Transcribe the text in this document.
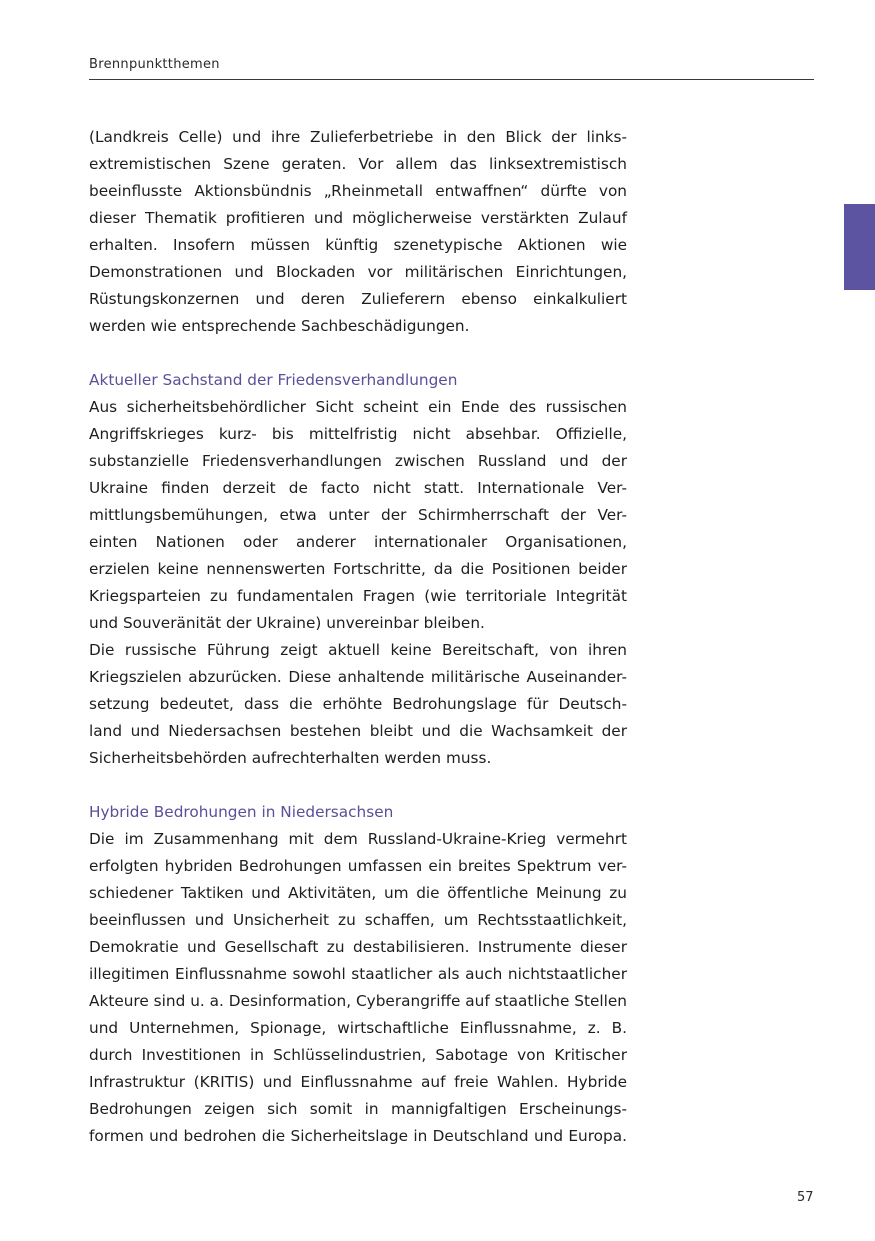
Brennpunktthemen
(Landkreis Celle) und ihre Zulieferbetriebe in den Blick der links-
extremistischen Szene geraten. Vor allem das linksextremistisch
beeinflusste Aktionsbündnis „Rheinmetall entwaffnen“ dürfte von
dieser Thematik profitieren und möglicherweise verstärkten Zulauf
erhalten. Insofern müssen künftig szenetypische Aktionen wie
Demonstrationen und Blockaden vor militärischen Einrichtungen,
Rüstungskonzernen und deren Zulieferern ebenso einkalkuliert
werden wie entsprechende Sachbeschädigungen.
Aktueller Sachstand der Friedensverhandlungen
Aus sicherheitsbehördlicher Sicht scheint ein Ende des russischen
Angriffskrieges kurz- bis mittelfristig nicht absehbar. Offizielle,
substanzielle Friedensverhandlungen zwischen Russland und der
Ukraine finden derzeit de facto nicht statt. Internationale Ver-
mittlungsbemühungen, etwa unter der Schirmherrschaft der Ver-
einten Nationen oder anderer internationaler Organisationen,
erzielen keine nennenswerten Fortschritte, da die Positionen beider
Kriegsparteien zu fundamentalen Fragen (wie territoriale Integrität
und Souveränität der Ukraine) unvereinbar bleiben.
Die russische Führung zeigt aktuell keine Bereitschaft, von ihren
Kriegszielen abzurücken. Diese anhaltende militärische Auseinander-
setzung bedeutet, dass die erhöhte Bedrohungslage für Deutsch-
land und Niedersachsen bestehen bleibt und die Wachsamkeit der
Sicherheitsbehörden aufrechterhalten werden muss.
Hybride Bedrohungen in Niedersachsen
Die im Zusammenhang mit dem Russland-Ukraine-Krieg vermehrt
erfolgten hybriden Bedrohungen umfassen ein breites Spektrum ver-
schiedener Taktiken und Aktivitäten, um die öffentliche Meinung zu
beeinflussen und Unsicherheit zu schaffen, um Rechtsstaatlichkeit,
Demokratie und Gesellschaft zu destabilisieren. Instrumente dieser
illegitimen Einflussnahme sowohl staatlicher als auch nichtstaatlicher
Akteure sind u. a. Desinformation, Cyberangriffe auf staatliche Stellen
und Unternehmen, Spionage, wirtschaftliche Einflussnahme, z. B.
durch Investitionen in Schlüsselindustrien, Sabotage von Kritischer
Infrastruktur (KRITIS) und Einflussnahme auf freie Wahlen. Hybride
Bedrohungen zeigen sich somit in mannigfaltigen Erscheinungs-
formen und bedrohen die Sicherheitslage in Deutschland und Europa.
57
